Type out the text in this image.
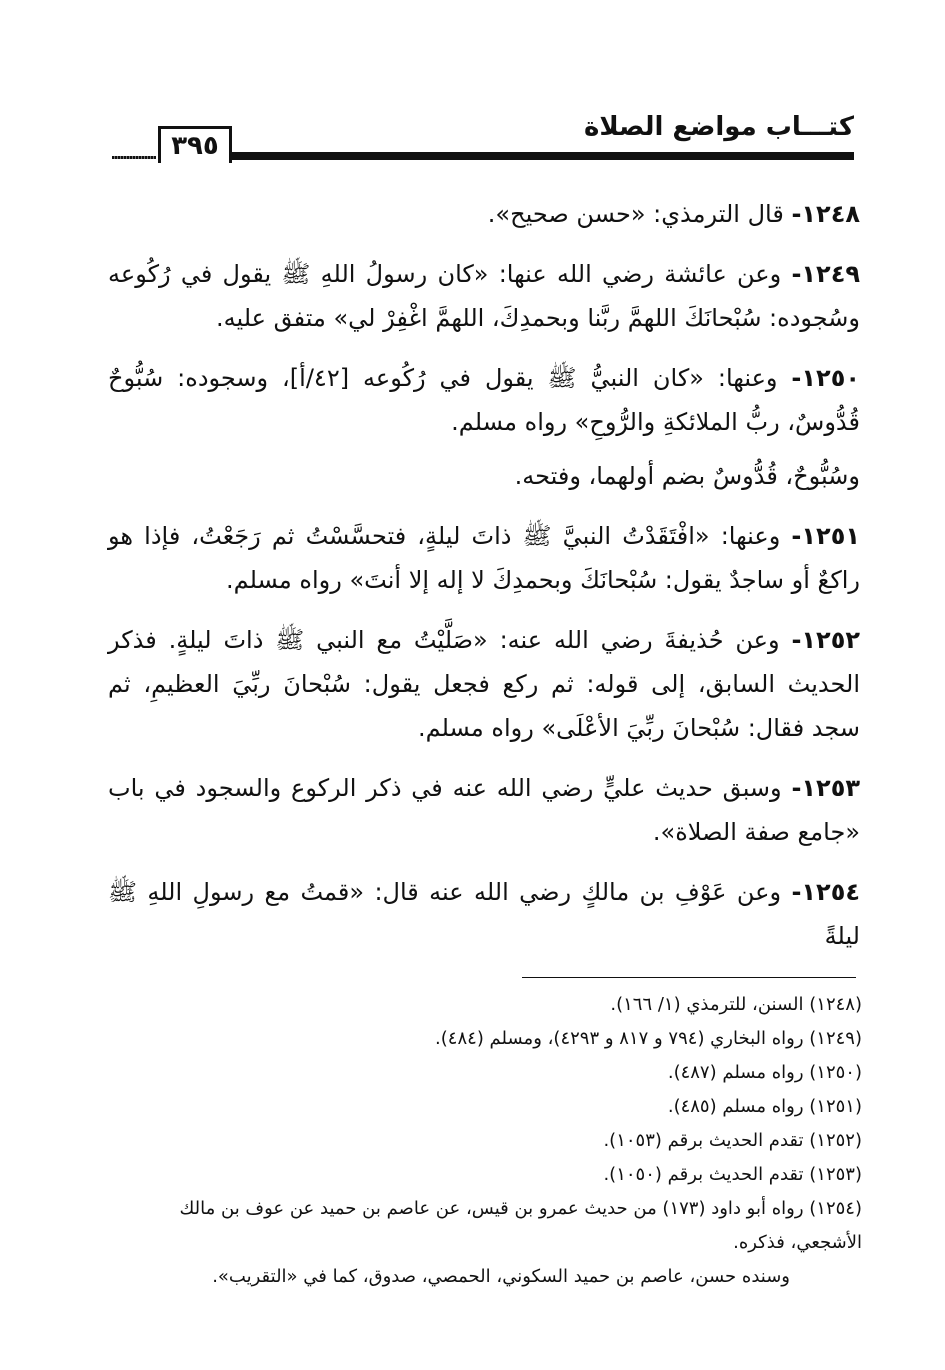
كتـــاب مواضع الصلاة
٣٩٥

١٢٤٨- قال الترمذي: «حسن صحيح».

١٢٤٩- وعن عائشة رضي الله عنها: «كان رسولُ اللهِ ﷺ يقول في رُكُوعه وسُجوده: سُبْحانَكَ اللهمَّ ربَّنا وبحمدِكَ، اللهمَّ اغْفِرْ لي» متفق عليه.

١٢٥٠- وعنها: «كان النبيُّ ﷺ يقول في رُكُوعه [٤٢/أ]، وسجوده: سُبُّوحٌ قُدُّوسٌ، ربُّ الملائكةِ والرُّوحِ» رواه مسلم.

وسُبُّوحٌ، قُدُّوسٌ بضم أولهما، وفتحه.

١٢٥١- وعنها: «افْتَقَدْتُ النبيَّ ﷺ ذاتَ ليلةٍ، فتحسَّسْتُ ثم رَجَعْتُ، فإذا هو راكعٌ أو ساجدٌ يقول: سُبْحانَكَ وبحمدِكَ لا إله إلا أنتَ» رواه مسلم.

١٢٥٢- وعن حُذيفةَ رضي الله عنه: «صَلَّيْتُ مع النبي ﷺ ذاتَ ليلةٍ. فذكر الحديث السابق، إلى قوله: ثم ركع فجعل يقول: سُبْحانَ ربِّيَ العظيمِ، ثم سجد فقال: سُبْحانَ ربِّيَ الأعْلَى» رواه مسلم.

١٢٥٣- وسبق حديث عليٍّ رضي الله عنه في ذكر الركوع والسجود في باب «جامع صفة الصلاة».

١٢٥٤- وعن عَوْفِ بن مالكٍ رضي الله عنه قال: «قمتُ مع رسولِ اللهِ ﷺ ليلةً

(١٢٤٨) السنن، للترمذي (١/ ١٦٦).

(١٢٤٩) رواه البخاري (٧٩٤ و ٨١٧ و ٤٢٩٣)، ومسلم (٤٨٤).

(١٢٥٠) رواه مسلم (٤٨٧).

(١٢٥١) رواه مسلم (٤٨٥).

(١٢٥٢) تقدم الحديث برقم (١٠٥٣).

(١٢٥٣) تقدم الحديث برقم (١٠٥٠).

(١٢٥٤) رواه أبو داود (١٧٣) من حديث عمرو بن قيس، عن عاصم بن حميد عن عوف بن مالك الأشجعي، فذكره.

وسنده حسن، عاصم بن حميد السكوني، الحمصي، صدوق، كما في «التقريب».
